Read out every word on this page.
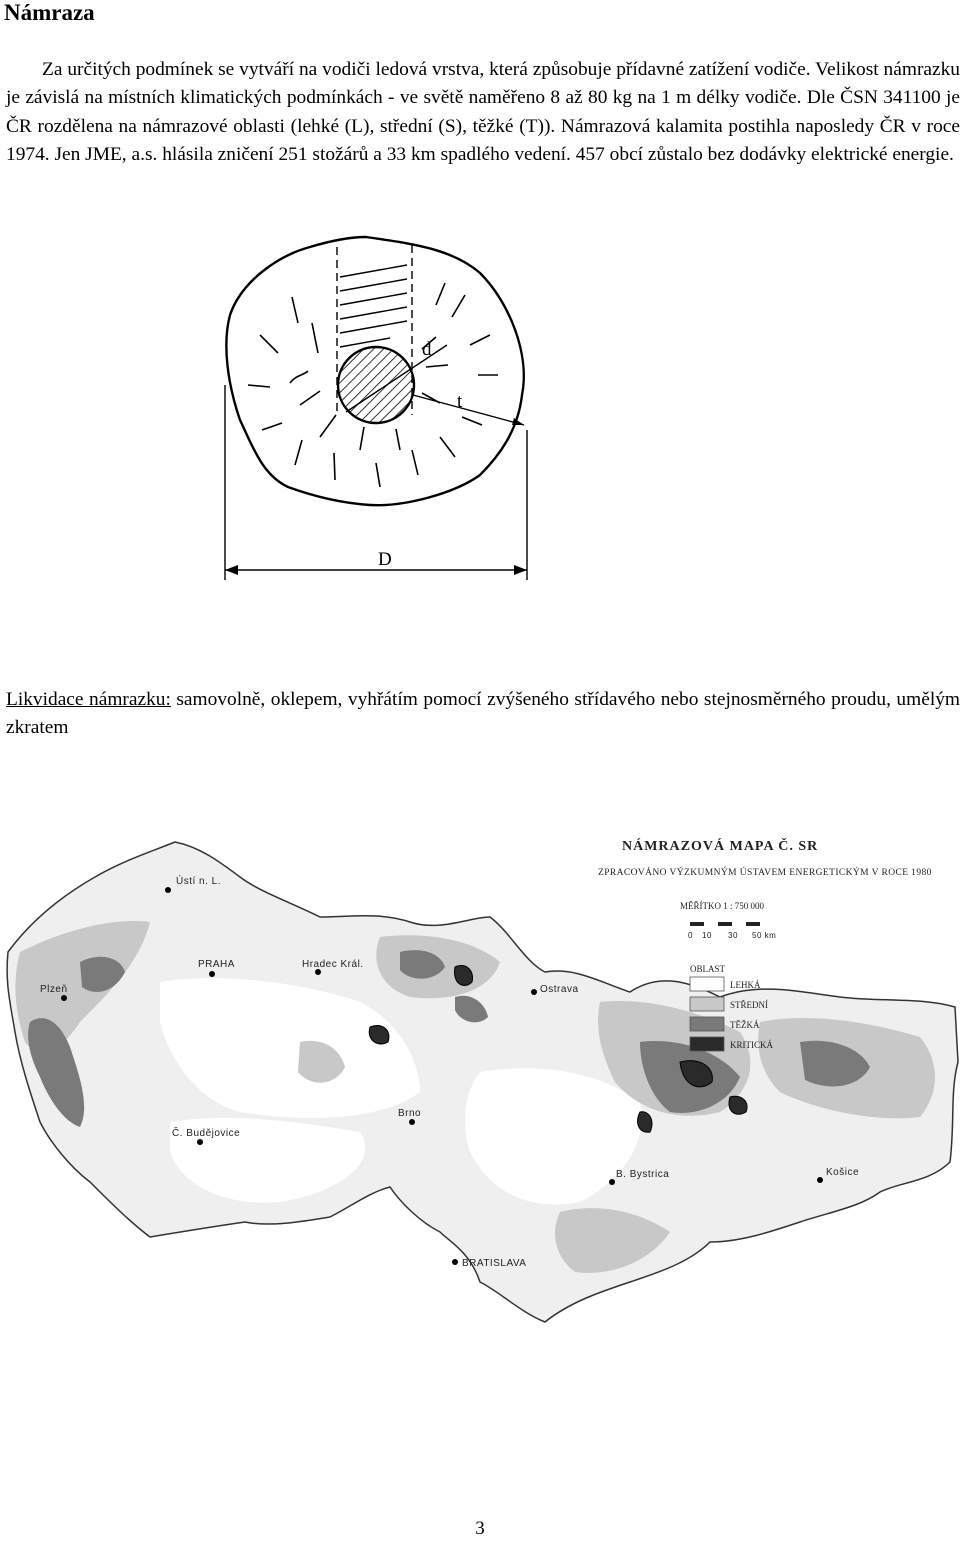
Námraza
Za určitých podmínek se vytváří na vodiči ledová vrstva, která způsobuje přídavné zatížení vodiče. Velikost námrazku je závislá na místních klimatických podmínkách - ve světě naměřeno 8 až 80 kg na 1 m délky vodiče. Dle ČSN 341100 je ČR rozdělena na námrazové oblasti (lehké (L), střední (S), těžké (T)). Námrazová kalamita postihla naposledy ČR v roce 1974. Jen JME, a.s. hlásila zničení 251 stožárů a 33 km spadlého vedení. 457 obcí zůstalo bez dodávky elektrické energie.
d
t
D
Likvidace námrazku: samovolně, oklepem, vyhřátím pomocí zvýšeného střídavého nebo stejnosměrného proudu, umělým zkratem
Ústí n. L.
PRAHA	Hradec Král.
Plzeň	Ostrava
Č. Budějovice
Brno
B. Bystrica	Košice
BRATISLAVA
NÁMRAZOVÁ MAPA Č. SR
ZPRACOVÁNO VÝZKUMNÝM ÚSTAVEM ENERGETICKÝM V ROCE 1980
MĚŘÍTKO 1 : 750 000
0 10 30 50 km
OBLAST
LEHKÁ
STŘEDNÍ
TĚŽKÁ
KRITICKÁ
3
